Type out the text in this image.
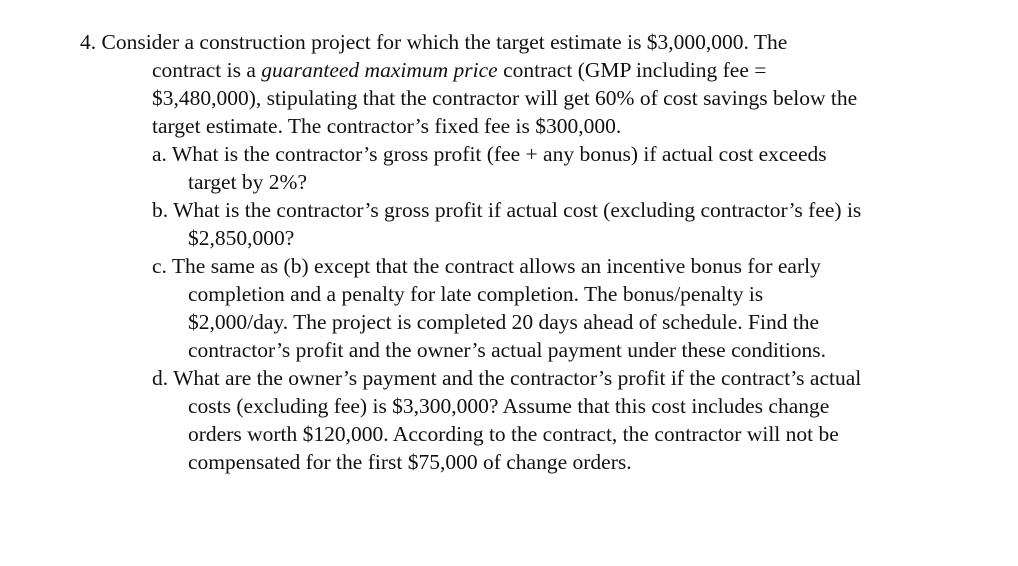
4. Consider a construction project for which the target estimate is $3,000,000. The
contract is a guaranteed maximum price contract (GMP including fee =
$3,480,000), stipulating that the contractor will get 60% of cost savings below the
target estimate. The contractor’s fixed fee is $300,000.
a. What is the contractor’s gross profit (fee + any bonus) if actual cost exceeds
target by 2%?
b. What is the contractor’s gross profit if actual cost (excluding contractor’s fee) is
$2,850,000?
c. The same as (b) except that the contract allows an incentive bonus for early
completion and a penalty for late completion. The bonus/penalty is
$2,000/day. The project is completed 20 days ahead of schedule. Find the
contractor’s profit and the owner’s actual payment under these conditions.
d. What are the owner’s payment and the contractor’s profit if the contract’s actual
costs (excluding fee) is $3,300,000? Assume that this cost includes change
orders worth $120,000. According to the contract, the contractor will not be
compensated for the first $75,000 of change orders.
